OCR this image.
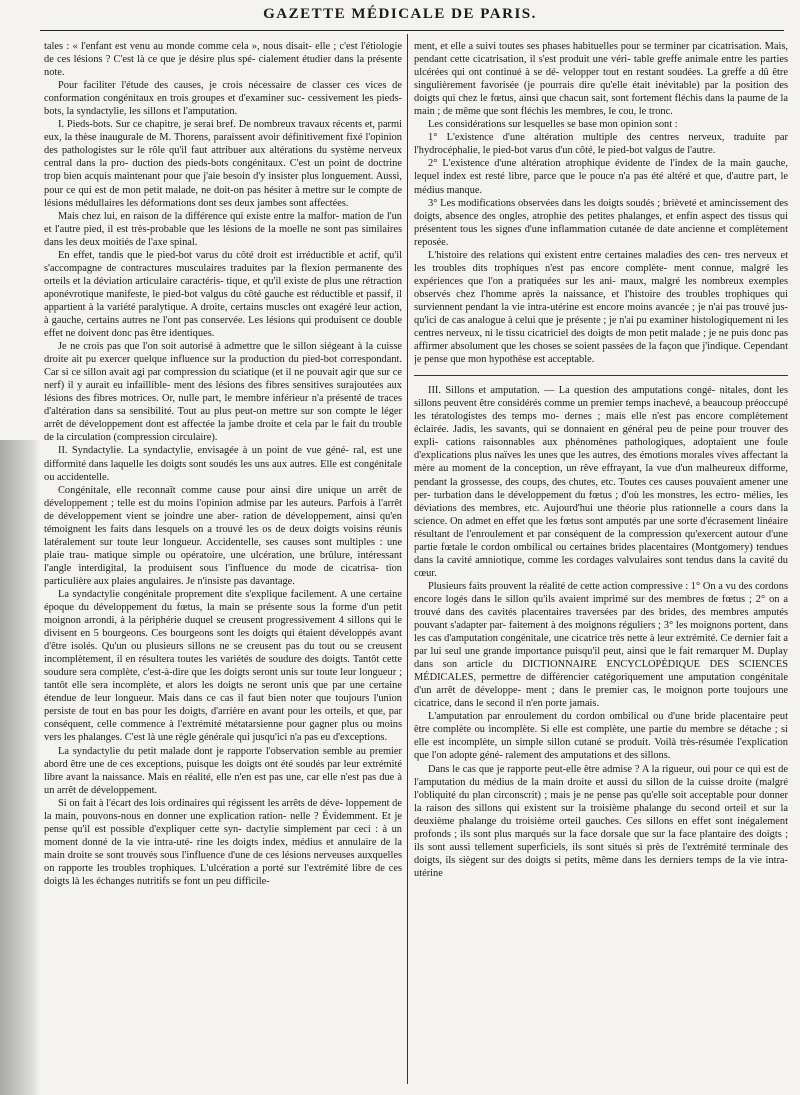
GAZETTE MÉDICALE DE PARIS.

tales : « l'enfant est venu au monde comme cela », nous disait- elle ; c'est l'étiologie de ces lésions ? C'est là ce que je désire plus spé- cialement étudier dans la présente note.

Pour faciliter l'étude des causes, je crois nécessaire de classer ces vices de conformation congénitaux en trois groupes et d'examiner suc- cessivement les pieds-bots, la syndactylie, les sillons et l'amputation.

I. Pieds-bots. Sur ce chapitre, je serai bref. De nombreux travaux récents et, parmi eux, la thèse inaugurale de M. Thorens, paraissent avoir définitivement fixé l'opinion des pathologistes sur le rôle qu'il faut attribuer aux altérations du système nerveux central dans la pro- duction des pieds-bots congénitaux. C'est un point de doctrine trop bien acquis maintenant pour que j'aie besoin d'y insister plus longuement. Aussi, pour ce qui est de mon petit malade, ne doit-on pas hésiter à mettre sur le compte de lésions médullaires les déformations dont ses deux jambes sont affectées.

Mais chez lui, en raison de la différence qui existe entre la malfor- mation de l'un et l'autre pied, il est très-probable que les lésions de la moelle ne sont pas similaires dans les deux moitiés de l'axe spinal.

En effet, tandis que le pied-bot varus du côté droit est irréductible et actif, qu'il s'accompagne de contractures musculaires traduites par la flexion permanente des orteils et la déviation articulaire caractéris- tique, et qu'il existe de plus une rétraction aponévrotique manifeste, le pied-bot valgus du côté gauche est réductible et passif, il appartient à la variété paralytique. A droite, certains muscles ont exagéré leur action, à gauche, certains autres ne l'ont pas conservée. Les lésions qui produisent ce double effet ne doivent donc pas être identiques.

Je ne crois pas que l'on soit autorisé à admettre que le sillon siégeant à la cuisse droite ait pu exercer quelque influence sur la production du pied-bot correspondant. Car si ce sillon avait agi par compression du sciatique (et il ne pouvait agir que sur ce nerf) il y aurait eu infaillible- ment des lésions des fibres sensitives surajoutées aux lésions des fibres motrices. Or, nulle part, le membre inférieur n'a présenté de traces d'altération dans sa sensibilité. Tout au plus peut-on mettre sur son compte le léger arrêt de développement dont est affectée la jambe droite et cela par le fait du trouble de la circulation (compression circulaire).

II. Syndactylie. La syndactylie, envisagée à un point de vue géné- ral, est une difformité dans laquelle les doigts sont soudés les uns aux autres. Elle est congénitale ou accidentelle.

Congénitale, elle reconnaît comme cause pour ainsi dire unique un arrêt de développement ; telle est du moins l'opinion admise par les auteurs. Parfois à l'arrêt de développement vient se joindre une aber- ration de développement, ainsi qu'en témoignent les faits dans lesquels on a trouvé les os de deux doigts voisins réunis latéralement sur toute leur longueur. Accidentelle, ses causes sont multiples : une plaie trau- matique simple ou opératoire, une ulcération, une brûlure, intéressant l'angle interdigital, la produisent sous l'influence du mode de cicatrisa- tion particulière aux plaies angulaires. Je n'insiste pas davantage.

La syndactylie congénitale proprement dite s'explique facilement. A une certaine époque du développement du fœtus, la main se présente sous la forme d'un petit moignon arrondi, à la périphérie duquel se creusent progressivement 4 sillons qui le divisent en 5 bourgeons. Ces bourgeons sont les doigts qui étaient développés avant d'être isolés. Qu'un ou plusieurs sillons ne se creusent pas du tout ou se creusent incomplètement, il en résultera toutes les variétés de soudure des doigts. Tantôt cette soudure sera complète, c'est-à-dire que les doigts seront unis sur toute leur longueur ; tantôt elle sera incomplète, et alors les doigts ne seront unis que par une certaine étendue de leur longueur. Mais dans ce cas il faut bien noter que toujours l'union persiste de tout en bas pour les doigts, d'arrière en avant pour les orteils, et que, par conséquent, celle commence à l'extrémité métatarsienne pour gagner plus ou moins vers les phalanges. C'est là une règle générale qui jusqu'ici n'a pas eu d'exceptions.

La syndactylie du petit malade dont je rapporte l'observation semble au premier abord être une de ces exceptions, puisque les doigts ont été soudés par leur extrémité libre avant la naissance. Mais en réalité, elle n'en est pas une, car elle n'est pas due à un arrêt de développement.

Si on fait à l'écart des lois ordinaires qui régissent les arrêts de déve- loppement de la main, pouvons-nous en donner une explication ration- nelle ? Évidemment. Et je pense qu'il est possible d'expliquer cette syn- dactylie simplement par ceci : à un moment donné de la vie intra-uté- rine les doigts index, médius et annulaire de la main droite se sont trouvés sous l'influence d'une de ces lésions nerveuses auxquelles on rapporte les troubles trophiques. L'ulcération a porté sur l'extrémité libre de ces doigts là les échanges nutritifs se font un peu difficile-

ment, et elle a suivi toutes ses phases habituelles pour se terminer par cicatrisation. Mais, pendant cette cicatrisation, il s'est produit une véri- table greffe animale entre les parties ulcérées qui ont continué à se dé- velopper tout en restant soudées. La greffe a dû être singulièrement favorisée (je pourrais dire qu'elle était inévitable) par la position des doigts qui chez le fœtus, ainsi que chacun sait, sont fortement fléchis dans la paume de la main ; de même que sont fléchis les membres, le cou, le tronc.

Les considérations sur lesquelles se base mon opinion sont :

1° L'existence d'une altération multiple des centres nerveux, traduite par l'hydrocéphalie, le pied-bot varus d'un côté, le pied-bot valgus de l'autre.

2° L'existence d'une altération atrophique évidente de l'index de la main gauche, lequel index est resté libre, parce que le pouce n'a pas été altéré et que, d'autre part, le médius manque.

3° Les modifications observées dans les doigts soudés ; brièveté et amincissement des doigts, absence des ongles, atrophie des petites phalanges, et enfin aspect des tissus qui présentent tous les signes d'une inflammation cutanée de date ancienne et complètement reposée.

L'histoire des relations qui existent entre certaines maladies des cen- tres nerveux et les troubles dits trophiques n'est pas encore complète- ment connue, malgré les expériences que l'on a pratiquées sur les ani- maux, malgré les nombreux exemples observés chez l'homme après la naissance, et l'histoire des troubles trophiques qui surviennent pendant la vie intra-utérine est encore moins avancée ; je n'ai pas trouvé jus- qu'ici de cas analogue à celui que je présente ; je n'ai pu examiner histologiquement ni les centres nerveux, ni le tissu cicatriciel des doigts de mon petit malade ; je ne puis donc pas affirmer absolument que les choses se soient passées de la façon que j'indique. Cependant je pense que mon hypothèse est acceptable.

III. Sillons et amputation. — La question des amputations congé- nitales, dont les sillons peuvent être considérés comme un premier temps inachevé, a beaucoup préoccupé les tératologistes des temps mo- dernes ; mais elle n'est pas encore complètement éclairée. Jadis, les savants, qui se donnaient en général peu de peine pour trouver des expli- cations raisonnables aux phénomènes pathologiques, adoptaient une foule d'explications plus naïves les unes que les autres, des émotions morales vives affectant la mère au moment de la conception, un rêve effrayant, la vue d'un malheureux difforme, pendant la grossesse, des coups, des chutes, etc. Toutes ces causes pouvaient amener une per- turbation dans le développement du fœtus ; d'où les monstres, les ectro- mélies, les déviations des membres, etc. Aujourd'hui une théorie plus rationnelle a cours dans la science. On admet en effet que les fœtus sont amputés par une sorte d'écrasement linéaire résultant de l'enroulement et par conséquent de la compression qu'exercent autour d'une partie fœtale le cordon ombilical ou certaines brides placentaires (Montgomery) tendues dans la cavité amniotique, comme les cordages valvulaires sont tendus dans la cavité du cœur.

Plusieurs faits prouvent la réalité de cette action compressive : 1° On a vu des cordons encore logés dans le sillon qu'ils avaient imprimé sur des membres de fœtus ; 2° on a trouvé dans des cavités placentaires traversées par des brides, des membres amputés pouvant s'adapter par- faitement à des moignons réguliers ; 3° les moignons portent, dans les cas d'amputation congénitale, une cicatrice très nette à leur extrémité. Ce dernier fait a par lui seul une grande importance puisqu'il peut, ainsi que le fait remarquer M. Duplay dans son article du DICTIONNAIRE ENCYCLOPÉDIQUE DES SCIENCES MÉDICALES, permettre de différencier catégoriquement une amputation congénitale d'un arrêt de développe- ment ; dans le premier cas, le moignon porte toujours une cicatrice, dans le second il n'en porte jamais.

L'amputation par enroulement du cordon ombilical ou d'une bride placentaire peut être complète ou incomplète. Si elle est complète, une partie du membre se détache ; si elle est incomplète, un simple sillon cutané se produit. Voilà très-résumée l'explication que l'on adopte géné- ralement des amputations et des sillons.

Dans le cas que je rapporte peut-elle être admise ? A la rigueur, oui pour ce qui est de l'amputation du médius de la main droite et aussi du sillon de la cuisse droite (malgré l'obliquité du plan circonscrit) ; mais je ne pense pas qu'elle soit acceptable pour donner la raison des sillons qui existent sur la troisième phalange du second orteil et sur la deuxième phalange du troisième orteil gauches. Ces sillons en effet sont inégalement profonds ; ils sont plus marqués sur la face dorsale que sur la face plantaire des doigts ; ils sont aussi tellement superficiels, ils sont situés si près de l'extrémité terminale des doigts, ils siègent sur des doigts si petits, même dans les derniers temps de la vie intra-utérine
